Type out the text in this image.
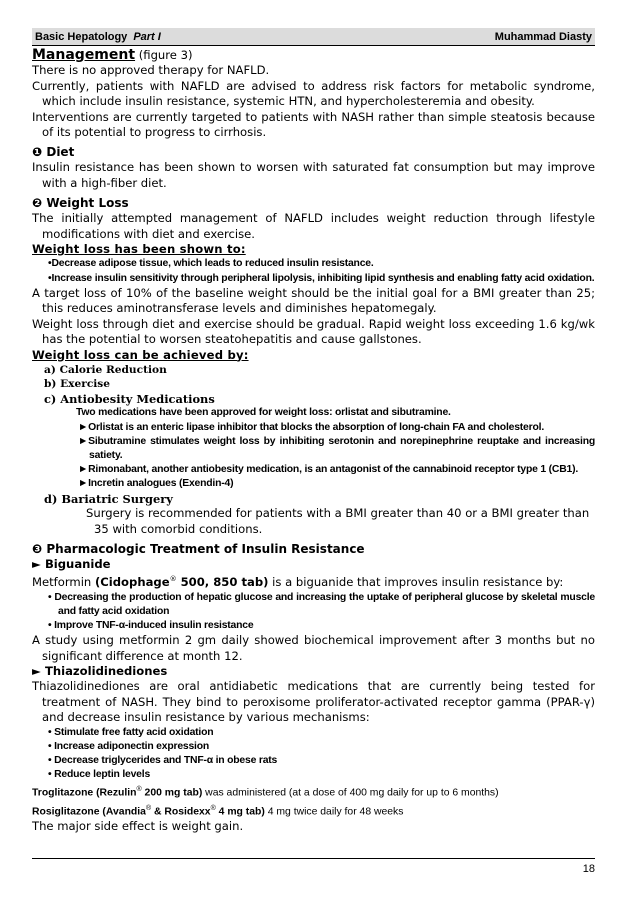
Basic Hepatology Part I	Muhammad Diasty

Management (figure 3)

There is no approved therapy for NAFLD.

Currently, patients with NAFLD are advised to address risk factors for metabolic syndrome, which include insulin resistance, systemic HTN, and hypercholesteremia and obesity.

Interventions are currently targeted to patients with NASH rather than simple steatosis because of its potential to progress to cirrhosis.

❶ Diet

Insulin resistance has been shown to worsen with saturated fat consumption but may improve with a high-fiber diet.

❷ Weight Loss

The initially attempted management of NAFLD includes weight reduction through lifestyle modifications with diet and exercise.

Weight loss has been shown to:

•Decrease adipose tissue, which leads to reduced insulin resistance.

•Increase insulin sensitivity through peripheral lipolysis, inhibiting lipid synthesis and enabling fatty acid oxidation.

A target loss of 10% of the baseline weight should be the initial goal for a BMI greater than 25; this reduces aminotransferase levels and diminishes hepatomegaly.

Weight loss through diet and exercise should be gradual. Rapid weight loss exceeding 1.6 kg/wk has the potential to worsen steatohepatitis and cause gallstones.

Weight loss can be achieved by:

a) Calorie Reduction

b) Exercise

c) Antiobesity Medications

Two medications have been approved for weight loss: orlistat and sibutramine.

►Orlistat is an enteric lipase inhibitor that blocks the absorption of long-chain FA and cholesterol.

►Sibutramine stimulates weight loss by inhibiting serotonin and norepinephrine reuptake and increasing satiety.

►Rimonabant, another antiobesity medication, is an antagonist of the cannabinoid receptor type 1 (CB1).

►Incretin analogues (Exendin-4)

d) Bariatric Surgery

Surgery is recommended for patients with a BMI greater than 40 or a BMI greater than

35 with comorbid conditions.

❸ Pharmacologic Treatment of Insulin Resistance

► Biguanide

Metformin (Cidophage® 500, 850 tab) is a biguanide that improves insulin resistance by:

• Decreasing the production of hepatic glucose and increasing the uptake of peripheral glucose by skeletal muscle and fatty acid oxidation

• Improve TNF-α-induced insulin resistance

A study using metformin 2 gm daily showed biochemical improvement after 3 months but no significant difference at month 12.

► Thiazolidinediones

Thiazolidinediones are oral antidiabetic medications that are currently being tested for treatment of NASH. They bind to peroxisome proliferator-activated receptor gamma (PPAR-γ) and decrease insulin resistance by various mechanisms:

• Stimulate free fatty acid oxidation

• Increase adiponectin expression

• Decrease triglycerides and TNF-α in obese rats

• Reduce leptin levels

Troglitazone (Rezulin® 200 mg tab) was administered (at a dose of 400 mg daily for up to 6 months)

Rosiglitazone (Avandia® & Rosidexx® 4 mg tab) 4 mg twice daily for 48 weeks

The major side effect is weight gain.

18
